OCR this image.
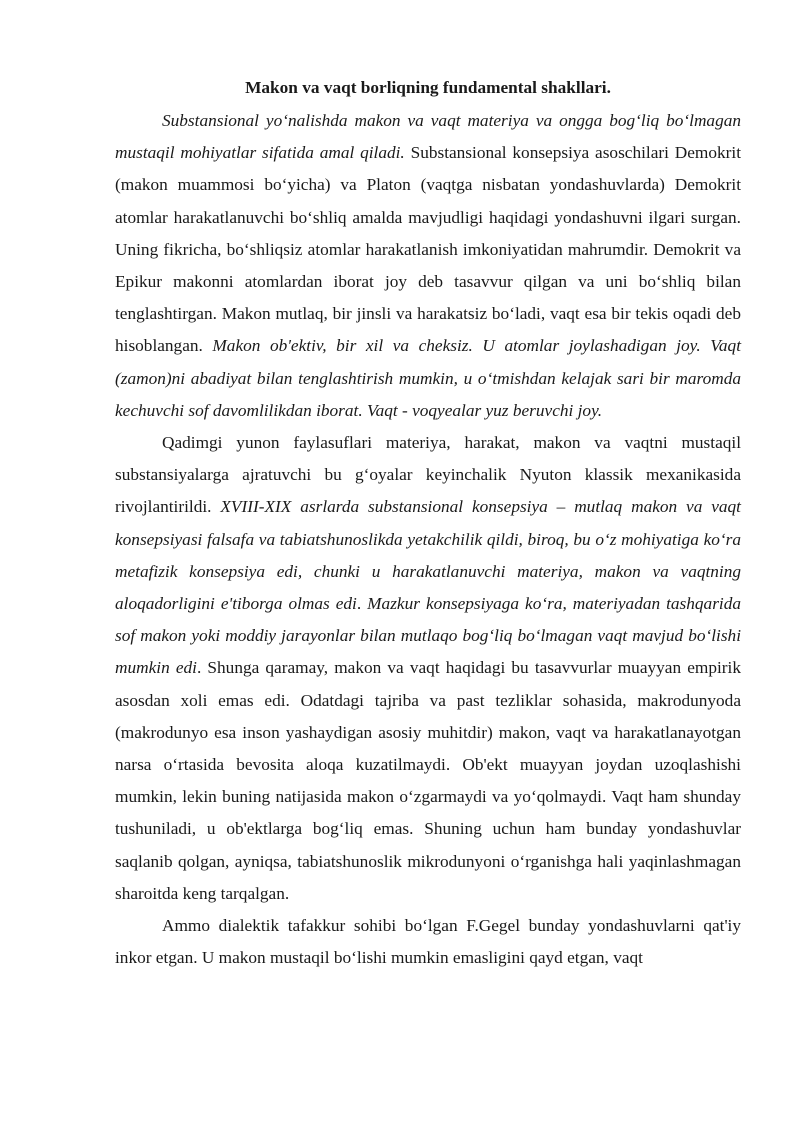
Makon va vaqt borliqning fundamental shakllari.

Substansional yo‘nalishda makon va vaqt materiya va ongga bog‘liq bo‘lmagan mustaqil mohiyatlar sifatida amal qiladi. Substansional konsepsiya asoschilari Demokrit (makon muammosi bo‘yicha) va Platon (vaqtga nisbatan yondashuvlarda) Demokrit atomlar harakatlanuvchi bo‘shliq amalda mavjudligi haqidagi yondashuvni ilgari surgan. Uning fikricha, bo‘shliqsiz atomlar harakatlanish imkoniyatidan mahrumdir. Demokrit va Epikur makonni atomlardan iborat joy deb tasavvur qilgan va uni bo‘shliq bilan tenglashtirgan. Makon mutlaq, bir jinsli va harakatsiz bo‘ladi, vaqt esa bir tekis oqadi deb hisoblangan. Makon ob'ektiv, bir xil va cheksiz. U atomlar joylashadigan joy. Vaqt (zamon)ni abadiyat bilan tenglashtirish mumkin, u o‘tmishdan kelajak sari bir maromda kechuvchi sof davomlilikdan iborat. Vaqt - voqyealar yuz beruvchi joy.

Qadimgi yunon faylasuflari materiya, harakat, makon va vaqtni mustaqil substansiyalarga ajratuvchi bu g‘oyalar keyinchalik Nyuton klassik mexanikasida rivojlantirildi. XVIII-XIX asrlarda substansional konsepsiya – mutlaq makon va vaqt konsepsiyasi falsafa va tabiatshunoslikda yetakchilik qildi, biroq, bu o‘z mohiyatiga ko‘ra metafizik konsepsiya edi, chunki u harakatlanuvchi materiya, makon va vaqtning aloqadorligini e'tiborga olmas edi. Mazkur konsepsiyaga ko‘ra, materiyadan tashqarida sof makon yoki moddiy jarayonlar bilan mutlaqo bog‘liq bo‘lmagan vaqt mavjud bo‘lishi mumkin edi. Shunga qaramay, makon va vaqt haqidagi bu tasavvurlar muayyan empirik asosdan xoli emas edi. Odatdagi tajriba va past tezliklar sohasida, makrodunyoda (makrodunyo esa inson yashaydigan asosiy muhitdir) makon, vaqt va harakatlanayotgan narsa o‘rtasida bevosita aloqa kuzatilmaydi. Ob'ekt muayyan joydan uzoqlashishi mumkin, lekin buning natijasida makon o‘zgarmaydi va yo‘qolmaydi. Vaqt ham shunday tushuniladi, u ob'ektlarga bog‘liq emas. Shuning uchun ham bunday yondashuvlar saqlanib qolgan, ayniqsa, tabiatshunoslik mikrodunyoni o‘rganishga hali yaqinlashmagan sharoitda keng tarqalgan.

Ammo dialektik tafakkur sohibi bo‘lgan F.Gegel bunday yondashuvlarni qat'iy inkor etgan. U makon mustaqil bo‘lishi mumkin emasligini qayd etgan, vaqt
